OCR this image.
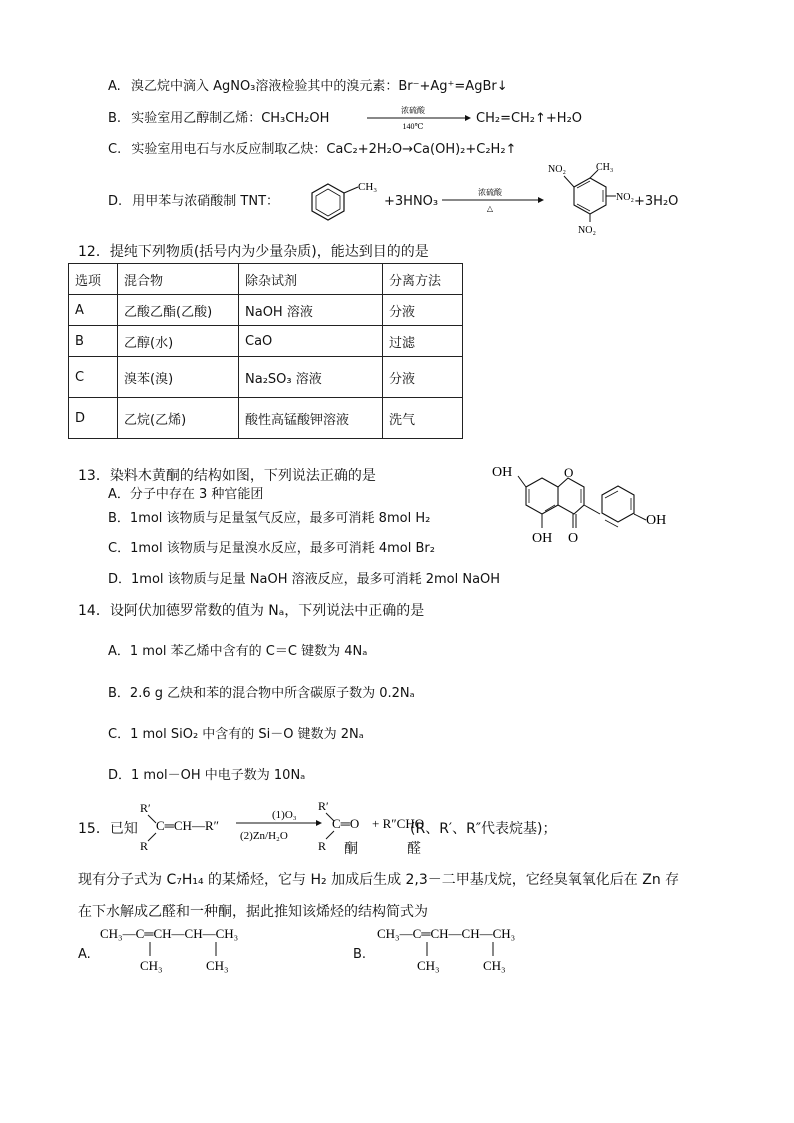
A. 溴乙烷中滴入 AgNO₃溶液检验其中的溴元素：Br⁻+Ag⁺=AgBr↓
B. 实验室用乙醇制乙烯：CH₃CH₂OH
浓硫酸
140℃
CH₂=CH₂↑+H₂O
C. 实验室用电石与水反应制取乙炔：CaC₂+2H₂O→Ca(OH)₂+C₂H₂↑
D. 用甲苯与浓硝酸制 TNT：
CH₃
+3HNO₃
浓硫酸
△
NO₂	CH₃
NO₂
NO₂
+3H₂O
12．提纯下列物质(括号内为少量杂质)，能达到目的的是
选项	混合物	除杂试剂	分离方法
A	乙酸乙酯(乙酸)	NaOH 溶液	分液
B	乙醇(水)	CaO	过滤
C	溴苯(溴)	Na₂SO₃ 溶液	分液
D	乙烷(乙烯)	酸性高锰酸钾溶液	洗气
13．染料木黄酮的结构如图，下列说法正确的是
A．分子中存在 3 种官能团
B．1mol 该物质与足量氢气反应，最多可消耗 8mol H₂
C．1mol 该物质与足量溴水反应，最多可消耗 4mol Br₂
D．1mol 该物质与足量 NaOH 溶液反应，最多可消耗 2mol NaOH
O
O
OH
OH
OH
14．设阿伏加德罗常数的值为 Nₐ，下列说法中正确的是
A．1 mol 苯乙烯中含有的 C＝C 键数为 4Nₐ
B．2.6 g 乙炔和苯的混合物中所含碳原子数为 0.2Nₐ
C．1 mol SiO₂ 中含有的 Si－O 键数为 2Nₐ
D．1 mol－OH 中电子数为 10Nₐ
15．已知
R′
C═CH—R″
R
(1)O₃
(2)Zn/H₂O
R′
C═O
R
+ R″CHO
(R、R′、R″代表烷基)；
酮	醛
现有分子式为 C₇H₁₄ 的某烯烃，它与 H₂ 加成后生成 2,3－二甲基戊烷，它经臭氧氧化后在 Zn 存
在下水解成乙醛和一种酮，据此推知该烯烃的结构简式为
A.
CH₃—C═CH—CH—CH₃
CH₃	CH₃
B.
CH₃—C═CH—CH—CH₃
CH₃	CH₃
